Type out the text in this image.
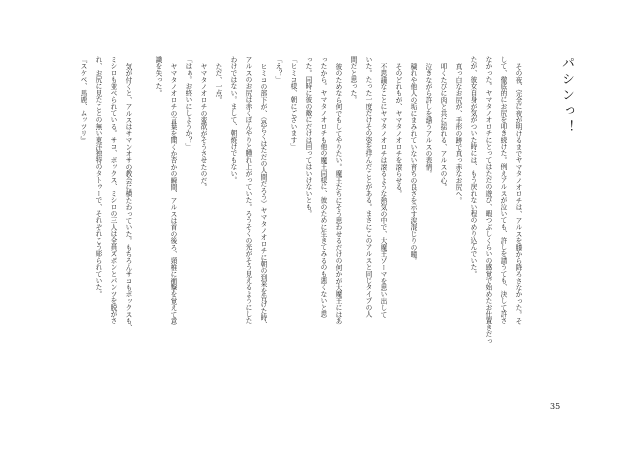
パシンっ！
その夜、完全に夜が明けるまでヤマタノオロチは、アルスを膝から降ろさなかった。そ
して、徹底的にお尻を叩き続けた。例えアルスが泣いても、許しを請うても、決して許さ
なかった。ヤマタノオロチにとってはただの遊び、暇つぶしくらいの感覚で始めたお仕置きだっ
たが、彼女自身が気がついた時には、もう戻れない程のめり込んでいた。
真っ白なお尻が、手形の跡で真っ赤なお尻へ。
叩くたびに肉と共に揺れる、アルスの心。
泣きながら許しを請うアルスの表情。
穢れや他人の垢にまみれていない育ちの良さを示す涙混じりの瞳。
そのどれもが、ヤマタノオロチを滾らせる。
不思議なことにヤマタノオロチは滾るような熱気の中で、大魔王ゾーマを思い出して
いた。たった一度だけその姿を拝んだことがある。まさにこのアルスと同じタイプの人
間だと思った。
彼のためなら何でもしてやりたい。魔王たちにそう思わせるだけの何かが大魔王にはあ
ったから。ヤマタノオロチも他の魔王同様に、彼のために生きてみるのも悪くないと思
った。同時に彼の敵にだけは回ってはいけないとも。
「ヒミコ様、朝にございます」
「え？」
ヒミコの部下が、（恐らくはただの人間だろう）ヤマタノオロチに朝の到来を告げた時、
アルスのお尻は赤くぼんやりと腫れ上がっていた。ろうそくの光がそう見えるようにした
わけではない。まして、朝焼けでもない。
ただ、一点。
ヤマタノオロチの蛮欲がそうさせたのだ。
「はぁ。お終いにしようか？」
ヤマタノオロチの言葉を聞くか否かの瞬間、アルスは首の後ろ、頸椎に衝撃を覚えて意
識を失った。
気が付くと、アルスはサマンオサの教会に横たわっていた。もちろんサコもボックスも、
ミシロも並べられている。サコ、ボックス、ミシロの三人は全員ズボンとパンツを脱がさ
れ、お尻に見たことの無い東洋独特のタトゥーで、それぞれこう彫られていた。
『スケベ、馬鹿、ムッツリ』
35
